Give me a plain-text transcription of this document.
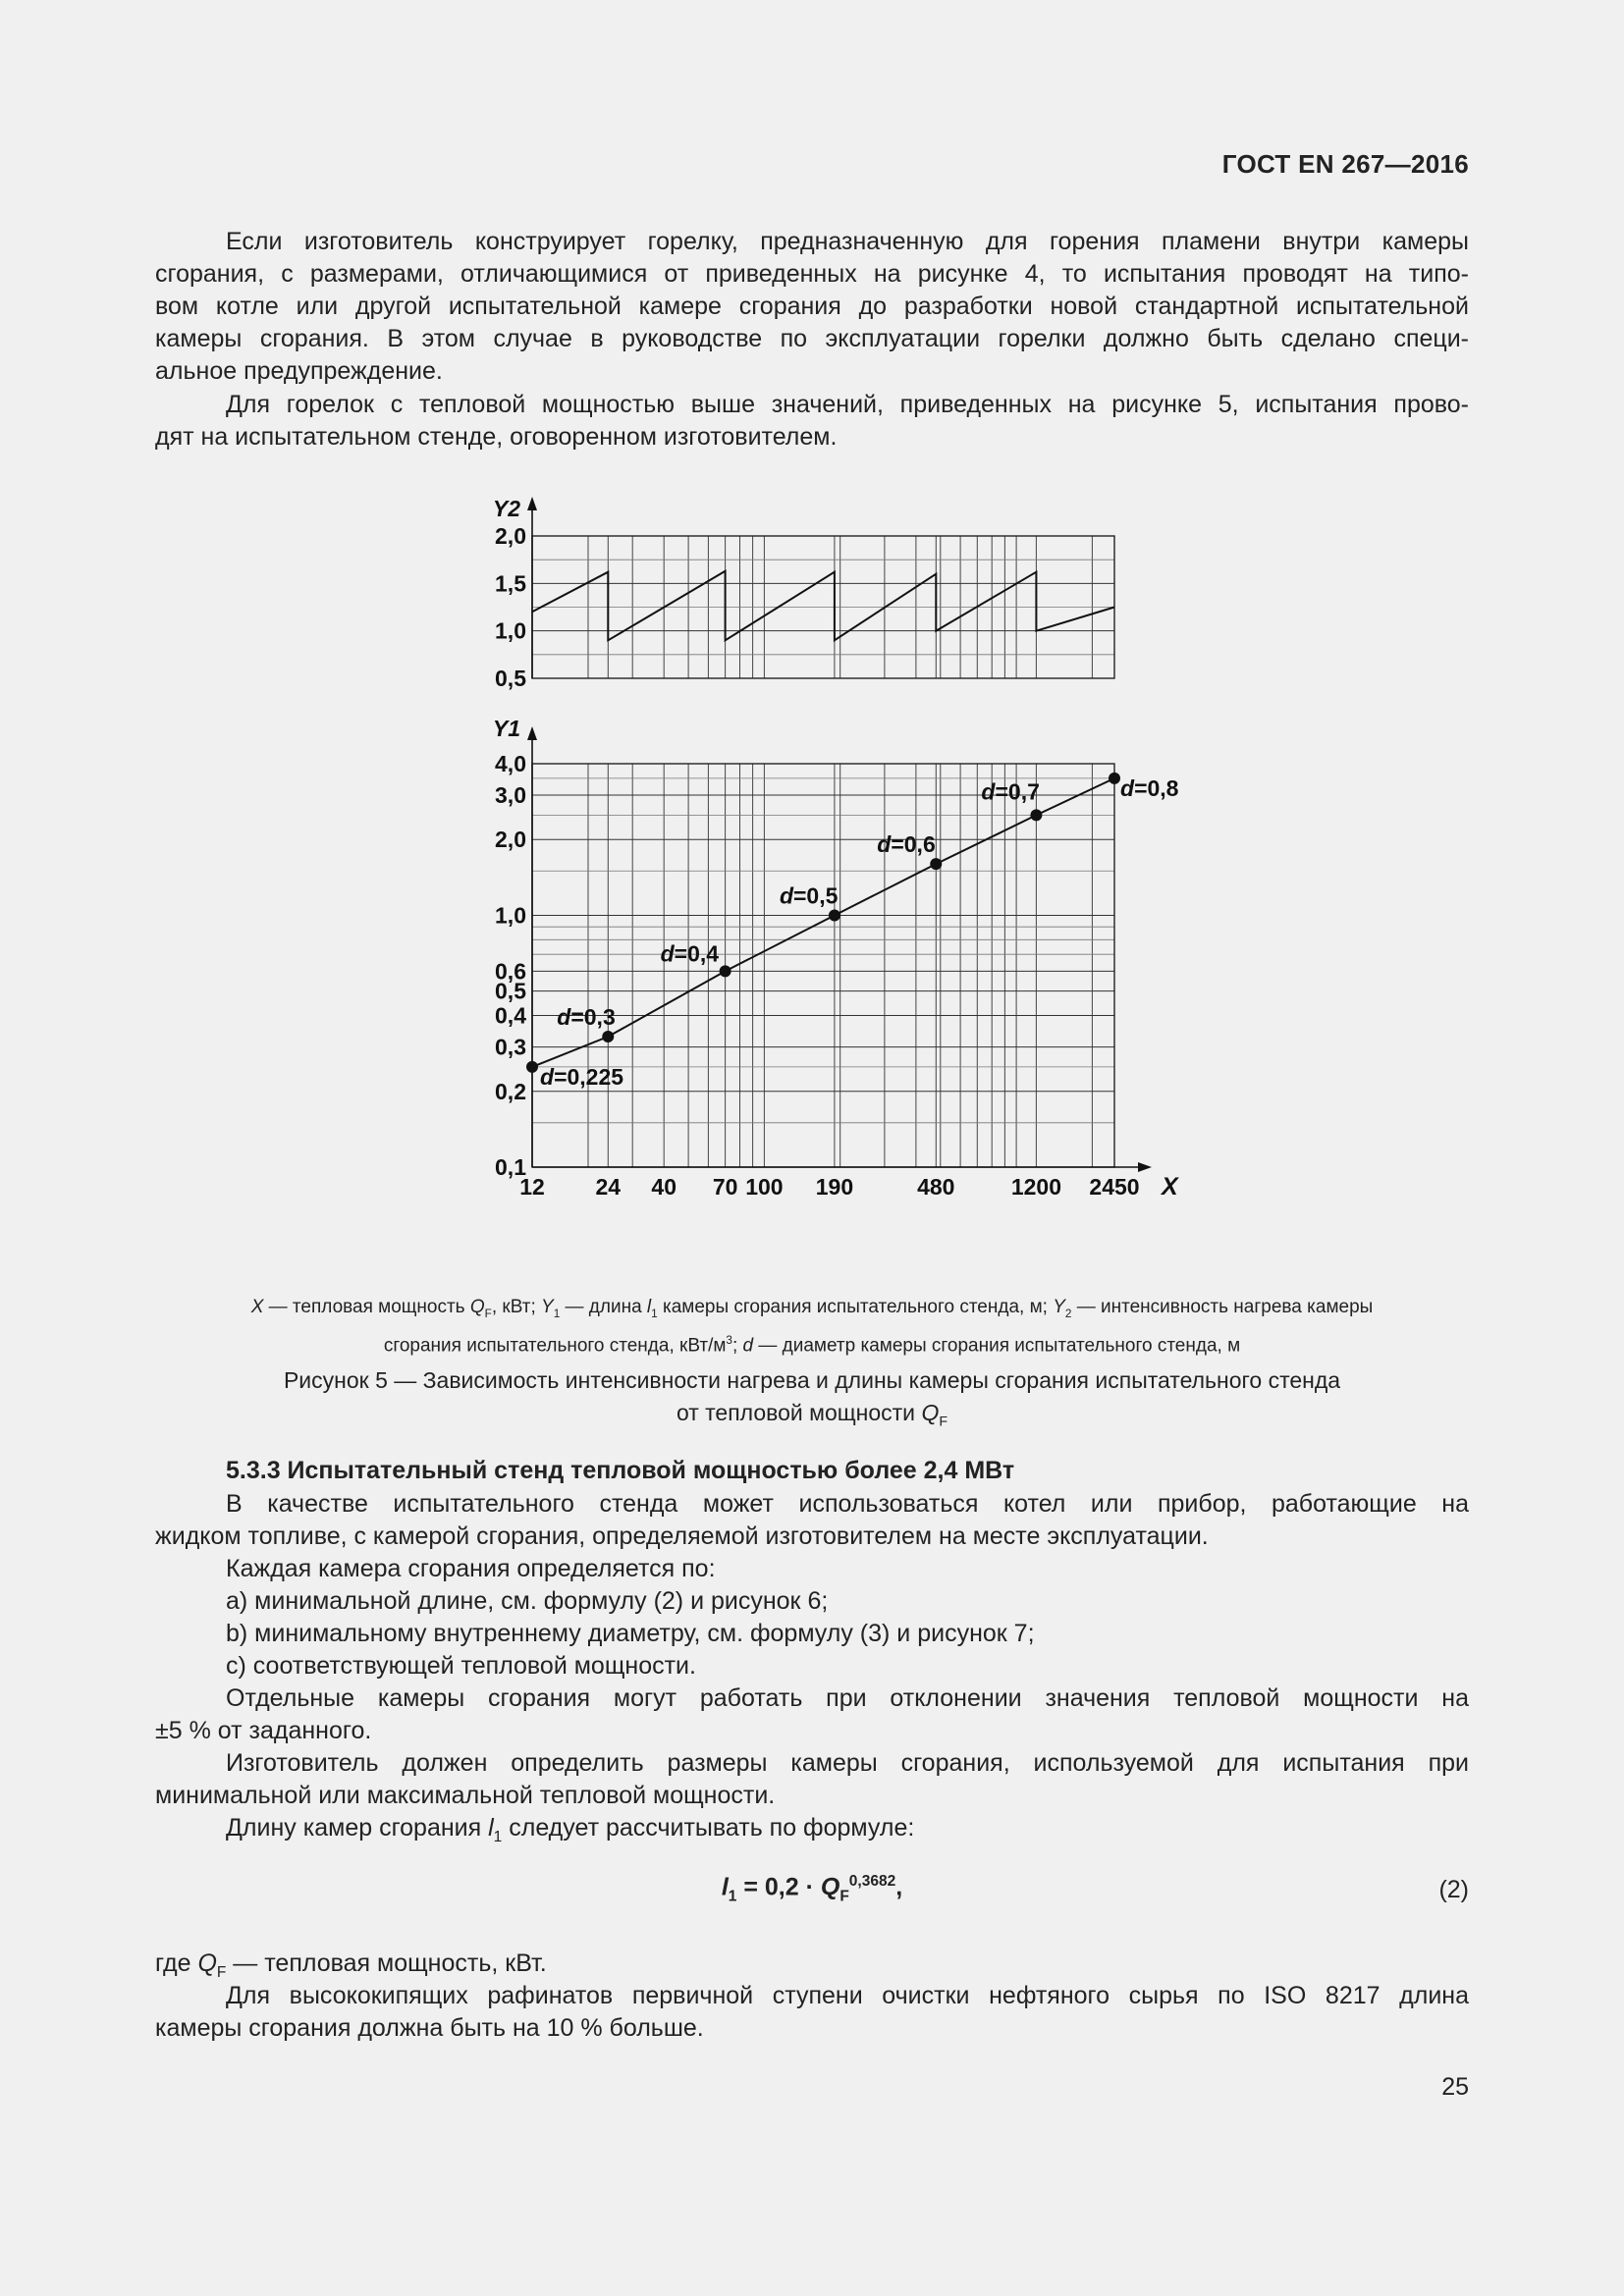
ГОСТ EN 267—2016
Если изготовитель конструирует горелку, предназначенную для горения пламени внутри камеры
сгорания, с размерами, отличающимися от приведенных на рисунке 4, то испытания проводят на типо-
вом котле или другой испытательной камере сгорания до разработки новой стандартной испытательной
камеры сгорания. В этом случае в руководстве по эксплуатации горелки должно быть сделано специ-
альное предупреждение.
Для горелок с тепловой мощностью выше значений, приведенных на рисунке 5, испытания прово-
дят на испытательном стенде, оговоренном изготовителем.
2,0
1,5
1,0
0,5
4,0
3,0
2,0
1,0
0,6
0,5
0,4
0,3
0,2
0,1
Y2
Y1
12 24 40 70 100 190	480 1200 2450 X
d=0,225
d=0,3
d=0,4
d=0,5
d=0,6
d=0,7	d=0,8
X — тепловая мощность $Q_F$, кВт; $Y_1$ — длина $l_1$ камеры сгорания испытательного стенда, м; $Y_2$ — интенсивность нагрева камеры
сгорания испытательного стенда, кВт/$м^3$; d — диаметр камеры сгорания испытательного стенда, м
Рисунок 5 — Зависимость интенсивности нагрева и длины камеры сгорания испытательного стенда
от тепловой мощности $Q_F$
5.3.3 Испытательный стенд тепловой мощностью более 2,4 МВт
В качестве испытательного стенда может использоваться котел или прибор, работающие на
жидком топливе, с камерой сгорания, определяемой изготовителем на месте эксплуатации.
Каждая камера сгорания определяется по:
a) минимальной длине, см. формулу (2) и рисунок 6;
b) минимальному внутреннему диаметру, см. формулу (3) и рисунок 7;
c) соответствующей тепловой мощности.
Отдельные камеры сгорания могут работать при отклонении значения тепловой мощности на
±5 % от заданного.
Изготовитель должен определить размеры камеры сгорания, используемой для испытания при
минимальной или максимальной тепловой мощности.
Длину камер сгорания $l_1$ следует рассчитывать по формуле:
$l_1 = 0,2 \cdot Q_F^{0,3682}$,	(2)
где $Q_F$ — тепловая мощность, кВт.
Для высококипящих рафинатов первичной ступени очистки нефтяного сырья по ISO 8217 длина
камеры сгорания должна быть на 10 % больше.
25
